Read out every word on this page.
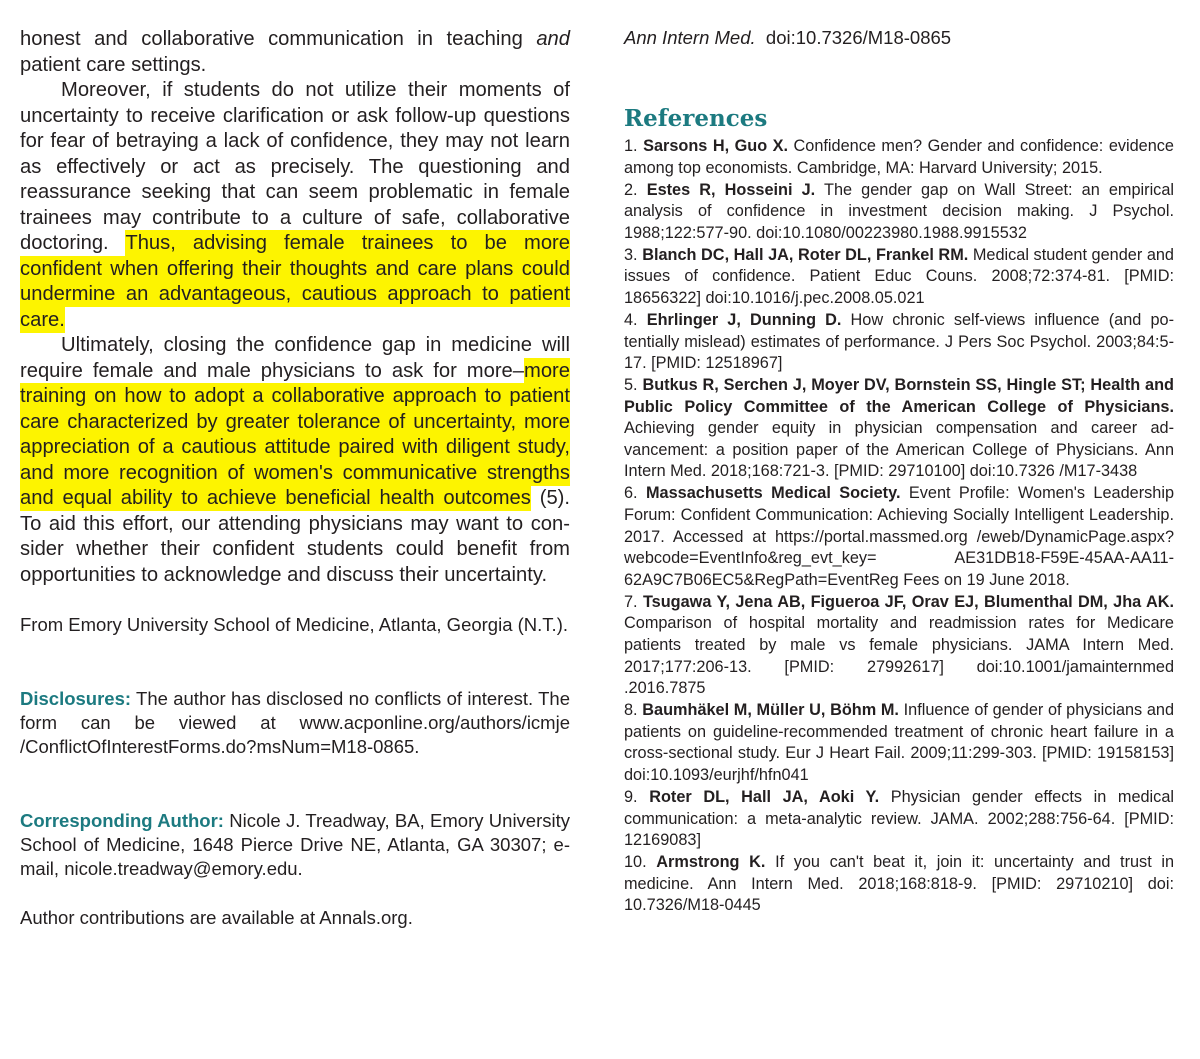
honest and collaborative communication in teaching and patient care settings.

Moreover, if students do not utilize their moments of uncertainty to receive clarification or ask follow-up questions for fear of betraying a lack of confidence, they may not learn as effectively or act as precisely. The questioning and reassurance seeking that can seem problematic in female trainees may contribute to a culture of safe, collaborative doctoring. Thus, advising female trainees to be more confident when offering their thoughts and care plans could undermine an advantageous, cautious approach to patient care.

Ultimately, closing the confidence gap in medicine will require female and male physicians to ask for more–more training on how to adopt a collaborative approach to patient care characterized by greater tolerance of uncertainty, more appreciation of a cautious attitude paired with diligent study, and more recognition of women's communicative strengths and equal ability to achieve beneficial health outcomes (5). To aid this effort, our attending physicians may want to consider whether their confident students could benefit from opportunities to acknowledge and discuss their uncertainty.

From Emory University School of Medicine, Atlanta, Georgia (N.T.).

Disclosures: The author has disclosed no conflicts of interest. The form can be viewed at www.acponline.org/authors/icmje /ConflictOfInterestForms.do?msNum=M18-0865.

Corresponding Author: Nicole J. Treadway, BA, Emory University School of Medicine, 1648 Pierce Drive NE, Atlanta, GA 30307; e-mail, nicole.treadway@emory.edu.

Author contributions are available at Annals.org.

Ann Intern Med. doi:10.7326/M18-0865

References

1. Sarsons H, Guo X. Confidence men? Gender and confidence: evidence among top economists. Cambridge, MA: Harvard University; 2015.

2. Estes R, Hosseini J. The gender gap on Wall Street: an empirical analysis of confidence in investment decision making. J Psychol. 1988;122:577-90. doi:10.1080/00223980.1988.9915532

3. Blanch DC, Hall JA, Roter DL, Frankel RM. Medical student gender and issues of confidence. Patient Educ Couns. 2008;72:374-81. [PMID: 18656322] doi:10.1016/j.pec.2008.05.021

4. Ehrlinger J, Dunning D. How chronic self-views influence (and potentially mislead) estimates of performance. J Pers Soc Psychol. 2003;84:5-17. [PMID: 12518967]

5. Butkus R, Serchen J, Moyer DV, Bornstein SS, Hingle ST; Health and Public Policy Committee of the American College of Physicians. Achieving gender equity in physician compensation and career advancement: a position paper of the American College of Physicians. Ann Intern Med. 2018;168:721-3. [PMID: 29710100] doi:10.7326 /M17-3438

6. Massachusetts Medical Society. Event Profile: Women's Leadership Forum: Confident Communication: Achieving Socially Intelligent Leadership. 2017. Accessed at https://portal.massmed.org /eweb/DynamicPage.aspx?webcode=EventInfo&reg_evt_key= AE31DB18-F59E-45AA-AA11-62A9C7B06EC5&RegPath=EventReg Fees on 19 June 2018.

7. Tsugawa Y, Jena AB, Figueroa JF, Orav EJ, Blumenthal DM, Jha AK. Comparison of hospital mortality and readmission rates for Medicare patients treated by male vs female physicians. JAMA Intern Med. 2017;177:206-13. [PMID: 27992617] doi:10.1001/jamainternmed .2016.7875

8. Baumhäkel M, Müller U, Böhm M. Influence of gender of physicians and patients on guideline-recommended treatment of chronic heart failure in a cross-sectional study. Eur J Heart Fail. 2009;11:299-303. [PMID: 19158153] doi:10.1093/eurjhf/hfn041

9. Roter DL, Hall JA, Aoki Y. Physician gender effects in medical communication: a meta-analytic review. JAMA. 2002;288:756-64. [PMID: 12169083]

10. Armstrong K. If you can't beat it, join it: uncertainty and trust in medicine. Ann Intern Med. 2018;168:818-9. [PMID: 29710210] doi: 10.7326/M18-0445
